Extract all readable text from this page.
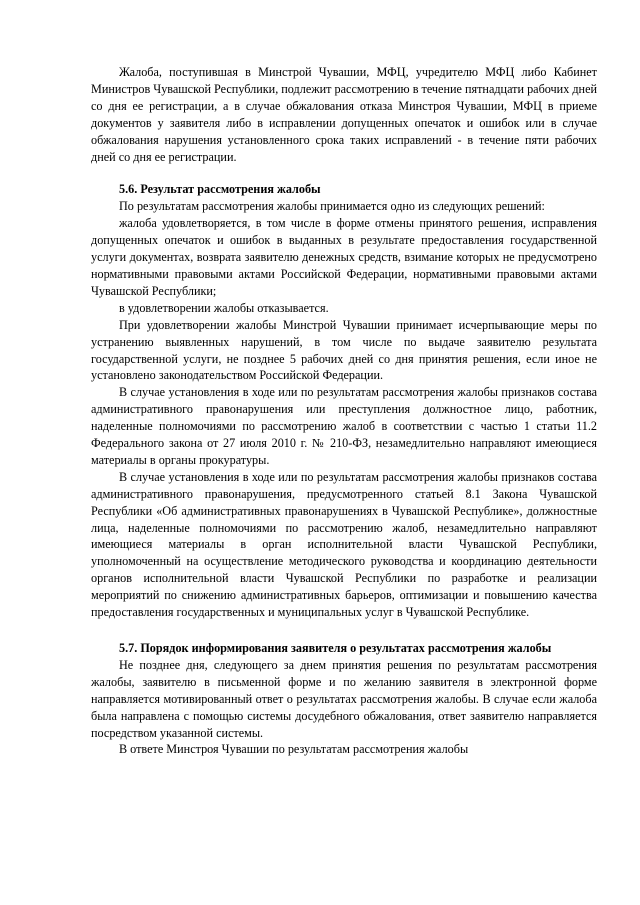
Жалоба, поступившая в Минстрой Чувашии, МФЦ, учредителю МФЦ либо Кабинет Министров Чувашской Республики, подлежит рассмотрению в течение пятнадцати рабочих дней со дня ее регистрации, а в случае обжалования отказа Минстроя Чувашии, МФЦ в приеме документов у заявителя либо в исправлении допущенных опечаток и ошибок или в случае обжалования нарушения установленного срока таких исправлений - в течение пяти рабочих дней со дня ее регистрации.

5.6. Результат рассмотрения жалобы

По результатам рассмотрения жалобы принимается одно из следующих решений:

жалоба удовлетворяется, в том числе в форме отмены принятого решения, исправления допущенных опечаток и ошибок в выданных в результате предоставления государственной услуги документах, возврата заявителю денежных средств, взимание которых не предусмотрено нормативными правовыми актами Российской Федерации, нормативными правовыми актами Чувашской Республики;

в удовлетворении жалобы отказывается.

При удовлетворении жалобы Минстрой Чувашии принимает исчерпывающие меры по устранению выявленных нарушений, в том числе по выдаче заявителю результата государственной услуги, не позднее 5 рабочих дней со дня принятия решения, если иное не установлено законодательством Российской Федерации.

В случае установления в ходе или по результатам рассмотрения жалобы признаков состава административного правонарушения или преступления должностное лицо, работник, наделенные полномочиями по рассмотрению жалоб в соответствии с частью 1 статьи 11.2 Федерального закона от 27 июля 2010 г. № 210-ФЗ, незамедлительно направляют имеющиеся материалы в органы прокуратуры.

В случае установления в ходе или по результатам рассмотрения жалобы признаков состава административного правонарушения, предусмотренного статьей 8.1 Закона Чувашской Республики «Об административных правонарушениях в Чувашской Республике», должностные лица, наделенные полномочиями по рассмотрению жалоб, незамедлительно направляют имеющиеся материалы в орган исполнительной власти Чувашской Республики, уполномоченный на осуществление методического руководства и координацию деятельности органов исполнительной власти Чувашской Республики по разработке и реализации мероприятий по снижению административных барьеров, оптимизации и повышению качества предоставления государственных и муниципальных услуг в Чувашской Республике.

5.7. Порядок информирования заявителя о результатах рассмотрения жалобы

Не позднее дня, следующего за днем принятия решения по результатам рассмотрения жалобы, заявителю в письменной форме и по желанию заявителя в электронной форме направляется мотивированный ответ о результатах рассмотрения жалобы. В случае если жалоба была направлена с помощью системы досудебного обжалования, ответ заявителю направляется посредством указанной системы.

В ответе Минстроя Чувашии по результатам рассмотрения жалобы
